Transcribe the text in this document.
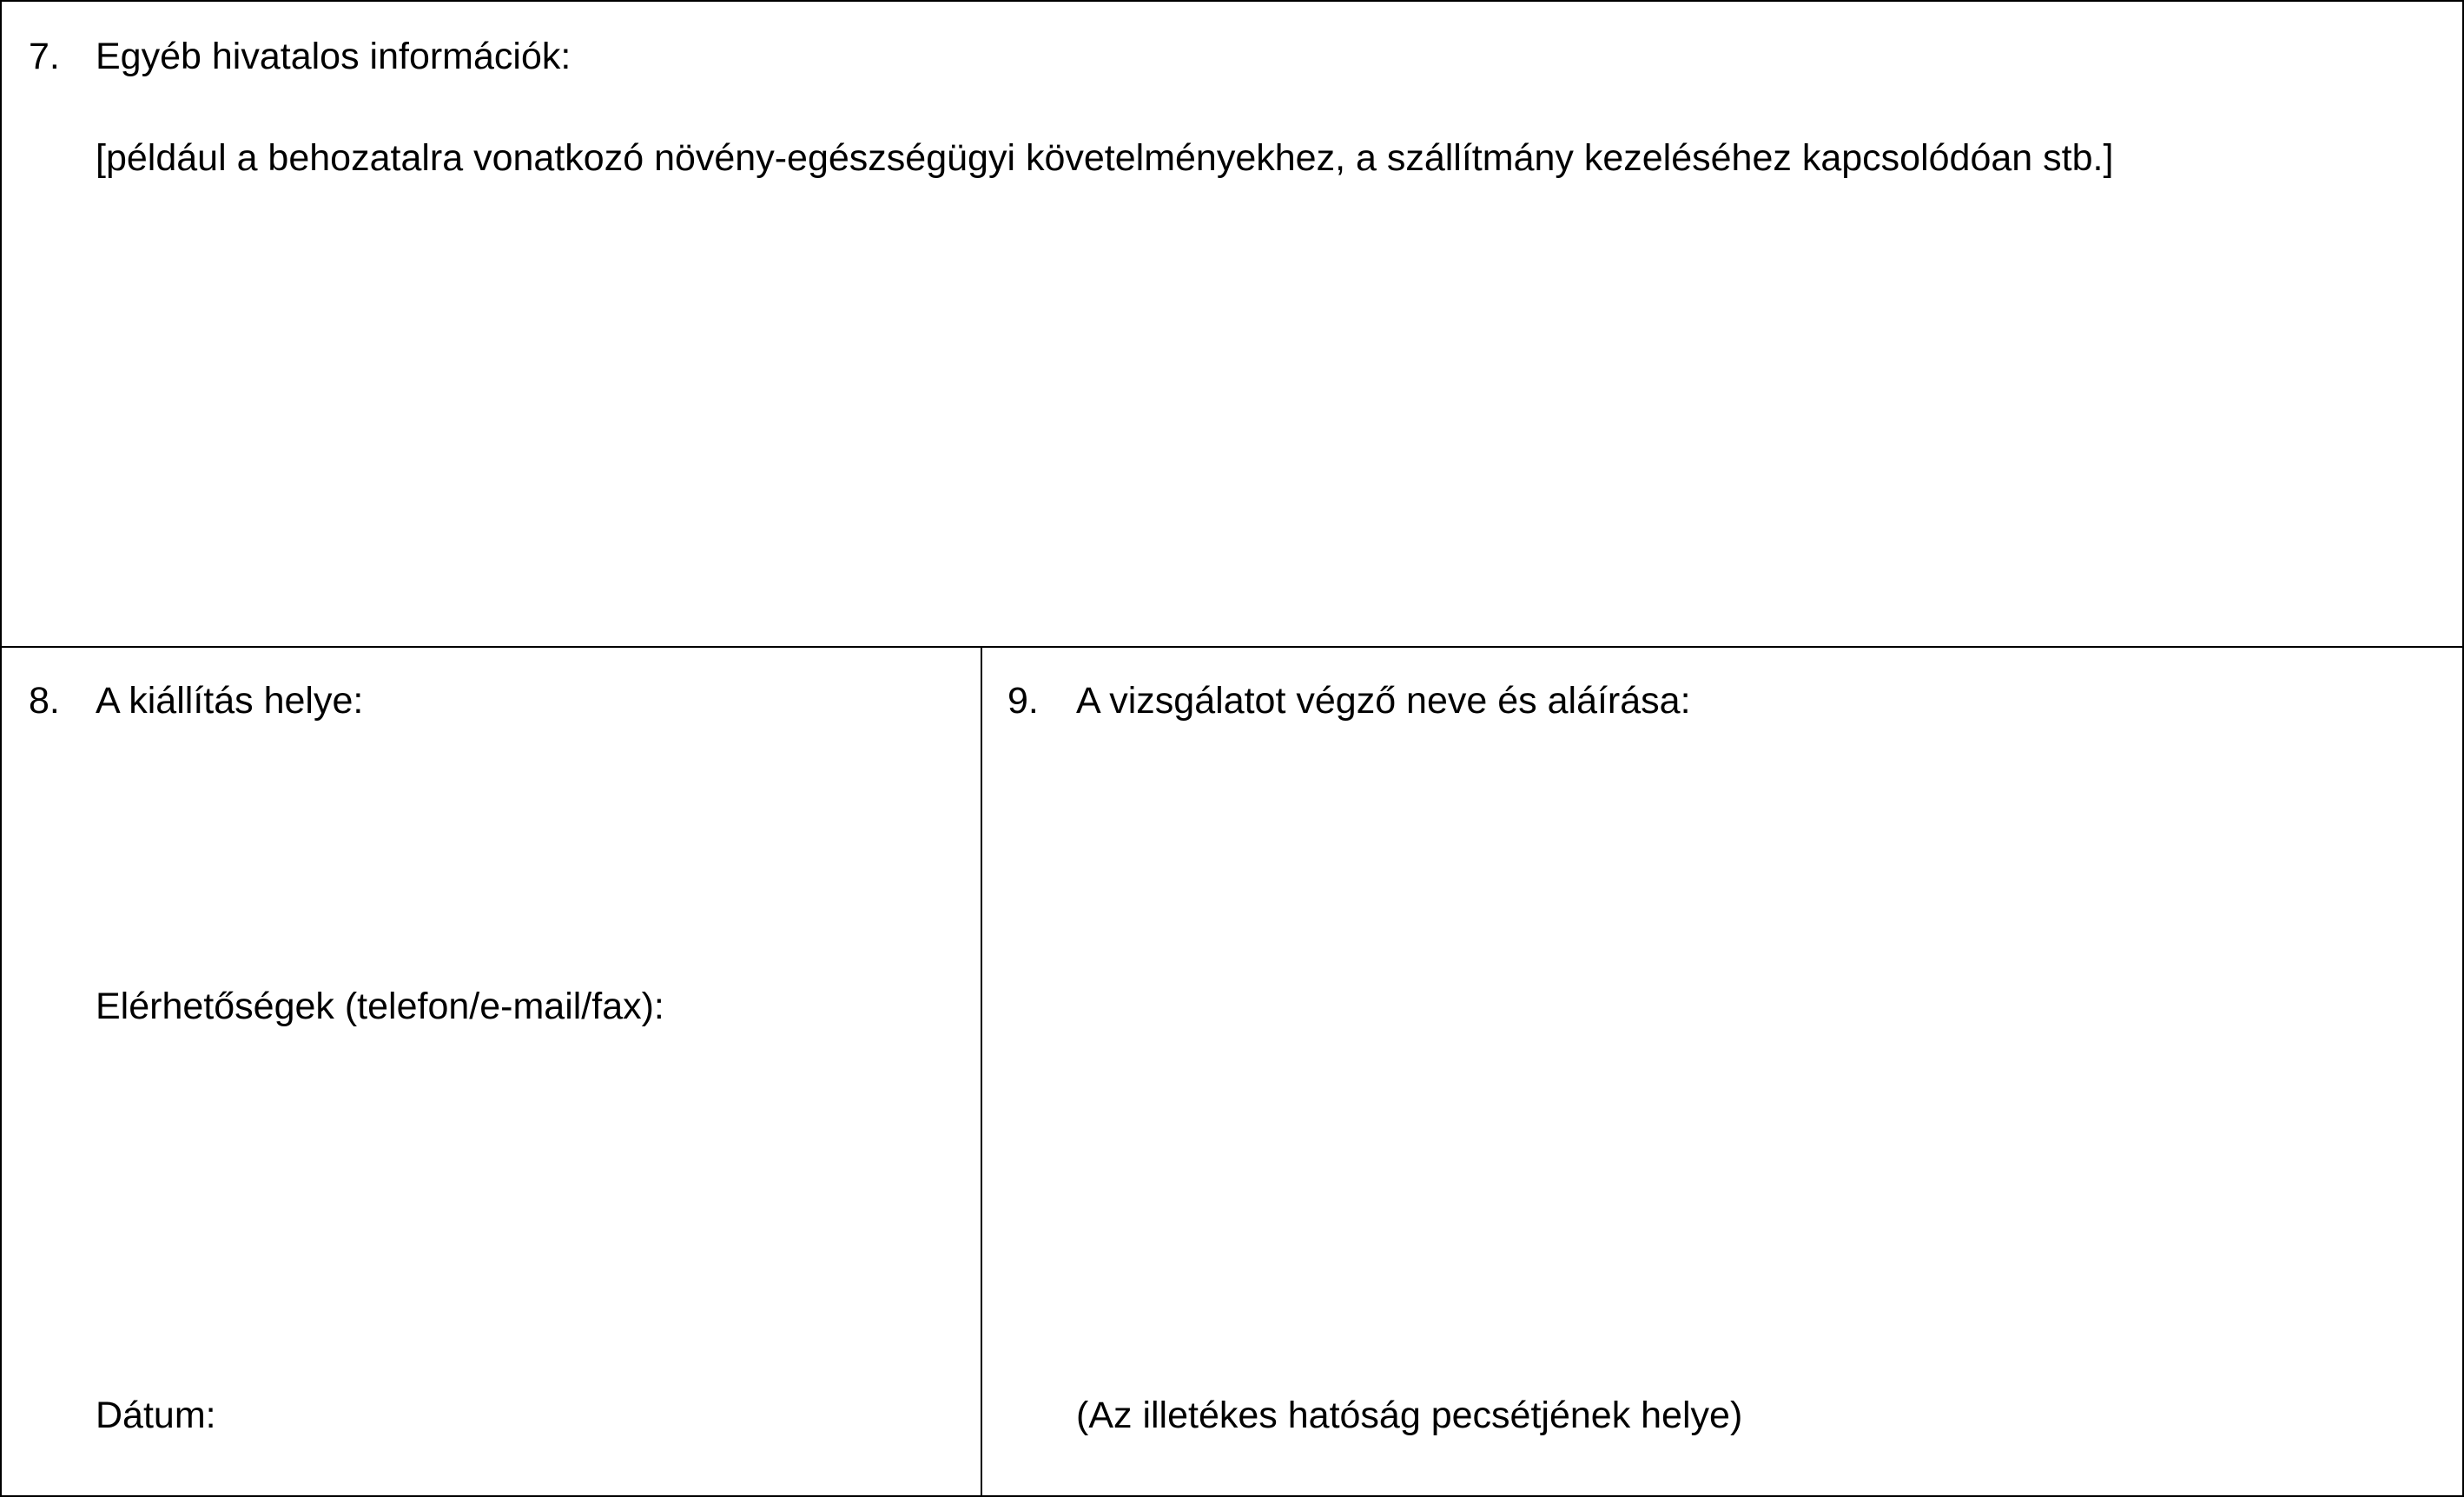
7. Egyéb hivatalos információk:
[például a behozatalra vonatkozó növény-egészségügyi követelményekhez, a szállítmány kezeléséhez kapcsolódóan stb.]
8. A kiállítás helye:
Elérhetőségek (telefon/e-mail/fax):
Dátum:
9. A vizsgálatot végző neve és aláírása:
(Az illetékes hatóság pecsétjének helye)
